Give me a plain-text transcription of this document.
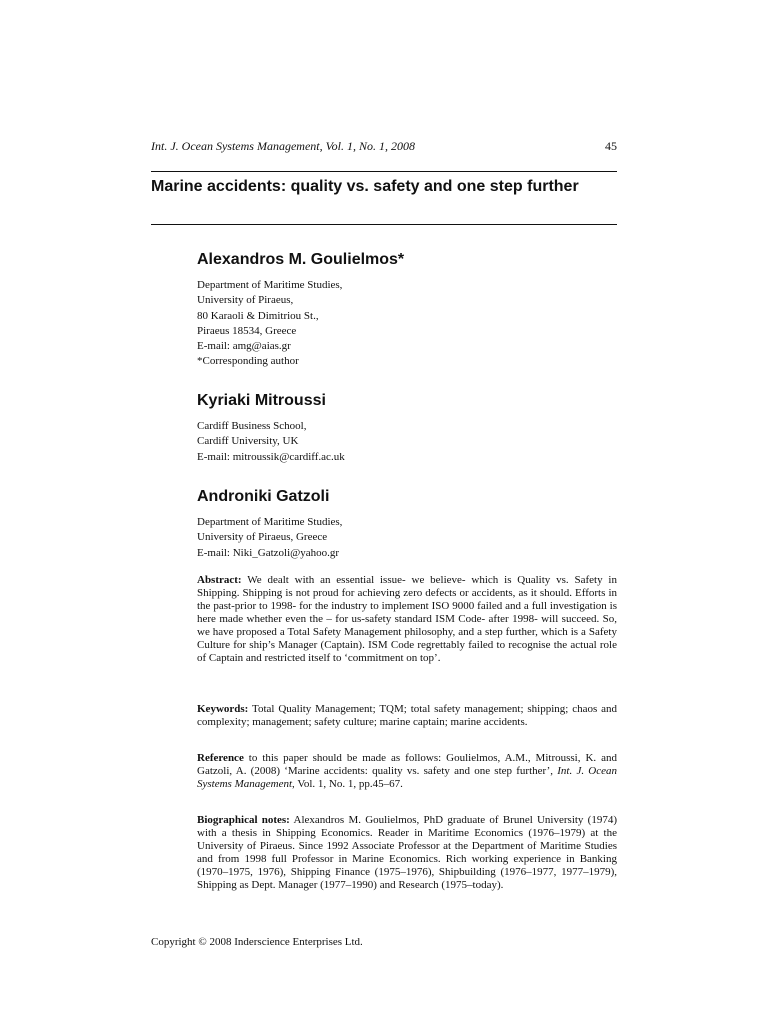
Int. J. Ocean Systems Management, Vol. 1, No. 1, 2008	45
Marine accidents: quality vs. safety and one step further
Alexandros M. Goulielmos*
Department of Maritime Studies,
University of Piraeus,
80 Karaoli & Dimitriou St.,
Piraeus 18534, Greece
E-mail: amg@aias.gr
*Corresponding author
Kyriaki Mitroussi
Cardiff Business School,
Cardiff University, UK
E-mail: mitroussik@cardiff.ac.uk
Androniki Gatzoli
Department of Maritime Studies,
University of Piraeus, Greece
E-mail: Niki_Gatzoli@yahoo.gr

Abstract: We dealt with an essential issue- we believe- which is Quality vs. Safety in Shipping. Shipping is not proud for achieving zero defects or accidents, as it should. Efforts in the past-prior to 1998- for the industry to implement ISO 9000 failed and a full investigation is here made whether even the – for us-safety standard ISM Code- after 1998- will succeed. So, we have proposed a Total Safety Management philosophy, and a step further, which is a Safety Culture for ship’s Manager (Captain). ISM Code regrettably failed to recognise the actual role of Captain and restricted itself to ‘commitment on top’.

Keywords: Total Quality Management; TQM; total safety management; shipping; chaos and complexity; management; safety culture; marine captain; marine accidents.

Reference to this paper should be made as follows: Goulielmos, A.M., Mitroussi, K. and Gatzoli, A. (2008) ‘Marine accidents: quality vs. safety and one step further’, Int. J. Ocean Systems Management, Vol. 1, No. 1, pp.45–67.

Biographical notes: Alexandros M. Goulielmos, PhD graduate of Brunel University (1974) with a thesis in Shipping Economics. Reader in Maritime Economics (1976–1979) at the University of Piraeus. Since 1992 Associate Professor at the Department of Maritime Studies and from 1998 full Professor in Marine Economics. Rich working experience in Banking (1970–1975, 1976), Shipping Finance (1975–1976), Shipbuilding (1976–1977, 1977–1979), Shipping as Dept. Manager (1977–1990) and Research (1975–today).

Copyright © 2008 Inderscience Enterprises Ltd.
